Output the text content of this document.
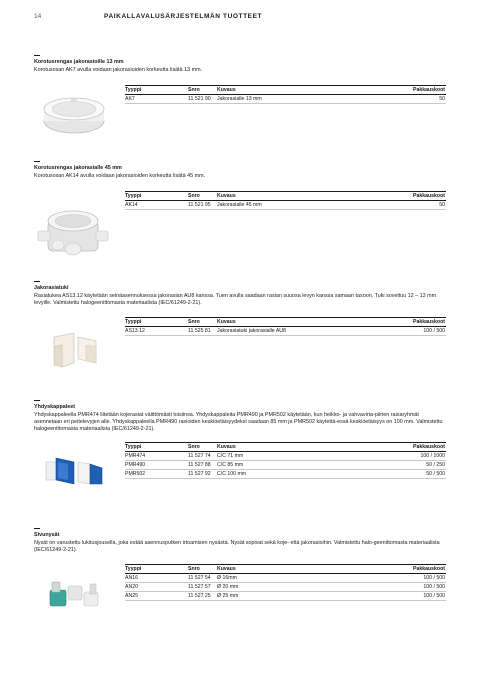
14	PAIKALLAVALUSÄRJESTELMÄN TUOTTEET
Korotusrengas jakorasioille 13 mm
Korotusosan AK7 avulla voidaan jakorasioiden korkeutta lisätä 13 mm.
Tyyppi	Snro	Kuvaus	Pakkauskoot
AK7	11 521 90	Jakorasialle 13 mm	50
Korotusrengas jakorasialle 45 mm
Korotusosan AK14 avulla voidaan jakorasioiden korkeutta lisätä 45 mm.
Tyyppi	Snro	Kuvaus	Pakkauskoot
AK14	11 521 95	Jakorasialle 45 mm	50
Jakorasiatuki
Rasiatukea AS13.12 käytetään seinäasennuksessa jakorasian AU8 kanssa. Tuen avulla saadaan rasian suuosa levyn kanssa samaan tasoon. Tuki soveltuu 12 – 13 mm levyille. Valmistettu halogeenittomasta materiaalista (IEC/61249-2-21).
Tyyppi	Snro	Kuvaus	Pakkauskoot
AS13.12	11 525 81	Jakorasiatuki jakorasialle AU8	100 / 500
Yhdyskappaleet
Yhdyskappaleella PMR474 liitetään kojerasiat välittömästi toisiinsa. Yhdyskappaleita PMR490 ja PMR502 käytetään, kun heikko- ja vahvavirta-piirien rasiaryhmät asennetaan eri peitelevyjen alle. Yhdyskappaleella PMR490 rasioiden keskiöetäisyydeksi saadaan 85 mm ja PMR502 käytettä-essä keskiöetäisyys on 100 mm. Valmistettu halogeenittomasta materiaalista (IEC/61249-2-21).
Tyyppi	Snro	Kuvaus	Pakkauskoot
PMR474	11 527 74	C/C 71 mm	100 / 1000
PMR490	11 527 88	C/C 85 mm	50 / 250
PMR502	11 527 92	C/C 100 mm	50 / 500
Sivunysät
Nysät on varustettu lukitusjousella, joka estää asennusputken irtoamisen nysästä. Nysät sopivat sekä koje- että jakorasioihin. Valmistettu halo-geenittomasta materiaalista (IEC/61249-2-21).
Tyyppi	Snro	Kuvaus	Pakkauskoot
AN16	11 527 54	Ø 16mm	100 / 500
AN20	11 527 57	Ø 20 mm	100 / 500
AN25	11 527 25	Ø 25 mm	100 / 500
